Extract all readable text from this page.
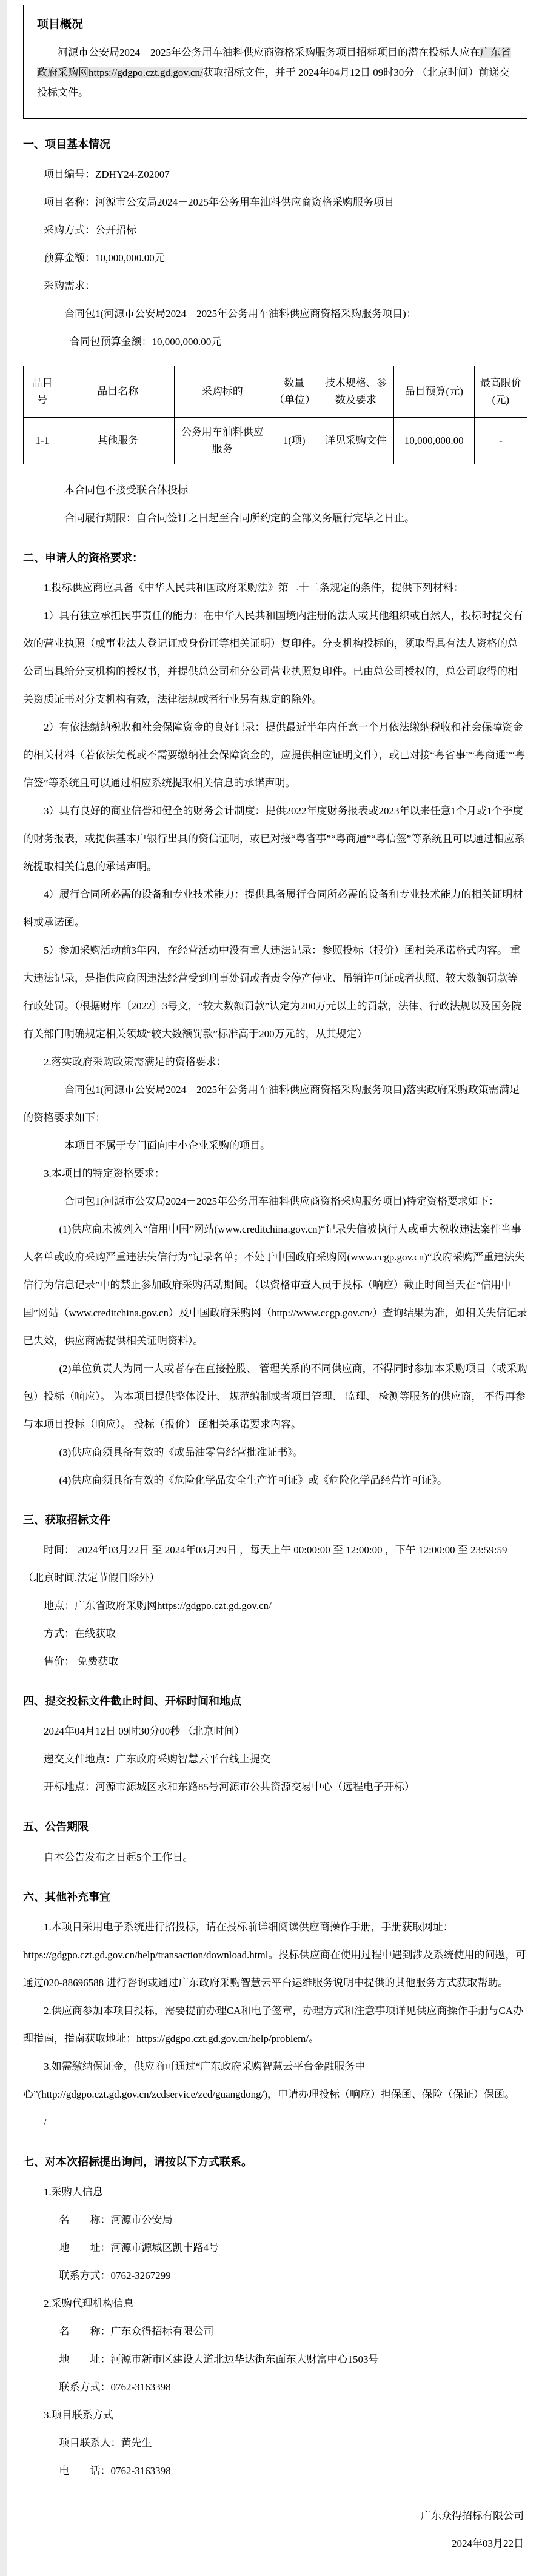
项目概况

河源市公安局2024－2025年公务用车油料供应商资格采购服务项目招标项目的潜在投标人应在广东省政府采购网https://gdgpo.czt.gd.gov.cn/获取招标文件，并于 2024年04月12日 09时30分 （北京时间）前递交投标文件。

一、项目基本情况

项目编号：ZDHY24-Z02007

项目名称：河源市公安局2024－2025年公务用车油料供应商资格采购服务项目

采购方式：公开招标

预算金额：10,000,000.00元

采购需求：

合同包1(河源市公安局2024－2025年公务用车油料供应商资格采购服务项目)：

合同包预算金额：10,000,000.00元

品目号	品目名称	采购标的	数量（单位）	技术规格、参数及要求	品目预算(元)	最高限价(元)
1-1	其他服务	公务用车油料供应服务	1(项)	详见采购文件	10,000,000.00	-

本合同包不接受联合体投标

合同履行期限：自合同签订之日起至合同所约定的全部义务履行完毕之日止。

二、申请人的资格要求：

1.投标供应商应具备《中华人民共和国政府采购法》第二十二条规定的条件，提供下列材料：

1）具有独立承担民事责任的能力：在中华人民共和国境内注册的法人或其他组织或自然人，投标时提交有效的营业执照（或事业法人登记证或身份证等相关证明）复印件。分支机构投标的，须取得具有法人资格的总公司出具给分支机构的授权书，并提供总公司和分公司营业执照复印件。已由总公司授权的，总公司取得的相关资质证书对分支机构有效，法律法规或者行业另有规定的除外。

2）有依法缴纳税收和社会保障资金的良好记录：提供最近半年内任意一个月依法缴纳税收和社会保障资金的相关材料（若依法免税或不需要缴纳社会保障资金的，应提供相应证明文件），或已对接“粤省事”“粤商通”“粤信签”等系统且可以通过相应系统提取相关信息的承诺声明。

3）具有良好的商业信誉和健全的财务会计制度：提供2022年度财务报表或2023年以来任意1个月或1个季度的财务报表，或提供基本户银行出具的资信证明，或已对接“粤省事”“粤商通”“粤信签”等系统且可以通过相应系统提取相关信息的承诺声明。

4）履行合同所必需的设备和专业技术能力：提供具备履行合同所必需的设备和专业技术能力的相关证明材料或承诺函。

5）参加采购活动前3年内，在经营活动中没有重大违法记录：参照投标（报价）函相关承诺格式内容。 重大违法记录，是指供应商因违法经营受到刑事处罚或者责令停产停业、吊销许可证或者执照、较大数额罚款等行政处罚。（根据财库〔2022〕3号文，“较大数额罚款”认定为200万元以上的罚款，法律、行政法规以及国务院有关部门明确规定相关领域“较大数额罚款”标准高于200万元的，从其规定）

2.落实政府采购政策需满足的资格要求：

合同包1(河源市公安局2024－2025年公务用车油料供应商资格采购服务项目)落实政府采购政策需满足的资格要求如下：

本项目不属于专门面向中小企业采购的项目。

3.本项目的特定资格要求：

合同包1(河源市公安局2024－2025年公务用车油料供应商资格采购服务项目)特定资格要求如下：

(1)供应商未被列入“信用中国”网站(www.creditchina.gov.cn)“记录失信被执行人或重大税收违法案件当事人名单或政府采购严重违法失信行为”记录名单；不处于中国政府采购网(www.ccgp.gov.cn)“政府采购严重违法失信行为信息记录”中的禁止参加政府采购活动期间。（以资格审查人员于投标（响应）截止时间当天在“信用中国”网站（www.creditchina.gov.cn）及中国政府采购网（http://www.ccgp.gov.cn/）查询结果为准，如相关失信记录已失效，供应商需提供相关证明资料）。

(2)单位负责人为同一人或者存在直接控股、 管理关系的不同供应商，不得同时参加本采购项目（或采购包）投标（响应）。 为本项目提供整体设计、 规范编制或者项目管理、 监理、 检测等服务的供应商， 不得再参与本项目投标（响应）。 投标（报价） 函相关承诺要求内容。

(3)供应商须具备有效的《成品油零售经营批准证书》。

(4)供应商须具备有效的《危险化学品安全生产许可证》或《危险化学品经营许可证》。

三、获取招标文件

时间： 2024年03月22日 至 2024年03月29日 ，每天上午 00:00:00 至 12:00:00 ，下午 12:00:00 至 23:59:59（北京时间,法定节假日除外）

地点：广东省政府采购网https://gdgpo.czt.gd.gov.cn/

方式：在线获取

售价： 免费获取

四、提交投标文件截止时间、开标时间和地点

2024年04月12日 09时30分00秒 （北京时间）

递交文件地点：广东政府采购智慧云平台线上提交

开标地点：河源市源城区永和东路85号河源市公共资源交易中心（远程电子开标）

五、公告期限

自本公告发布之日起5个工作日。

六、其他补充事宜

1.本项目采用电子系统进行招投标，请在投标前详细阅读供应商操作手册，手册获取网址：https://gdgpo.czt.gd.gov.cn/help/transaction/download.html。投标供应商在使用过程中遇到涉及系统使用的问题，可通过020-88696588 进行咨询或通过广东政府采购智慧云平台运维服务说明中提供的其他服务方式获取帮助。

2.供应商参加本项目投标，需要提前办理CA和电子签章，办理方式和注意事项详见供应商操作手册与CA办理指南，指南获取地址：https://gdgpo.czt.gd.gov.cn/help/problem/。

3.如需缴纳保证金，供应商可通过“广东政府采购智慧云平台金融服务中心”(http://gdgpo.czt.gd.gov.cn/zcdservice/zcd/guangdong/)，申请办理投标（响应）担保函、保险（保证）保函。

/

七、对本次招标提出询问，请按以下方式联系。

1.采购人信息

名　　称：河源市公安局

地　　址：河源市源城区凯丰路4号

联系方式：0762-3267299

2.采购代理机构信息

名　　称：广东众得招标有限公司

地　　址：河源市新市区建设大道北边华达街东面东大财富中心1503号

联系方式：0762-3163398

3.项目联系方式

项目联系人：黄先生

电　　话：0762-3163398

广东众得招标有限公司

2024年03月22日
